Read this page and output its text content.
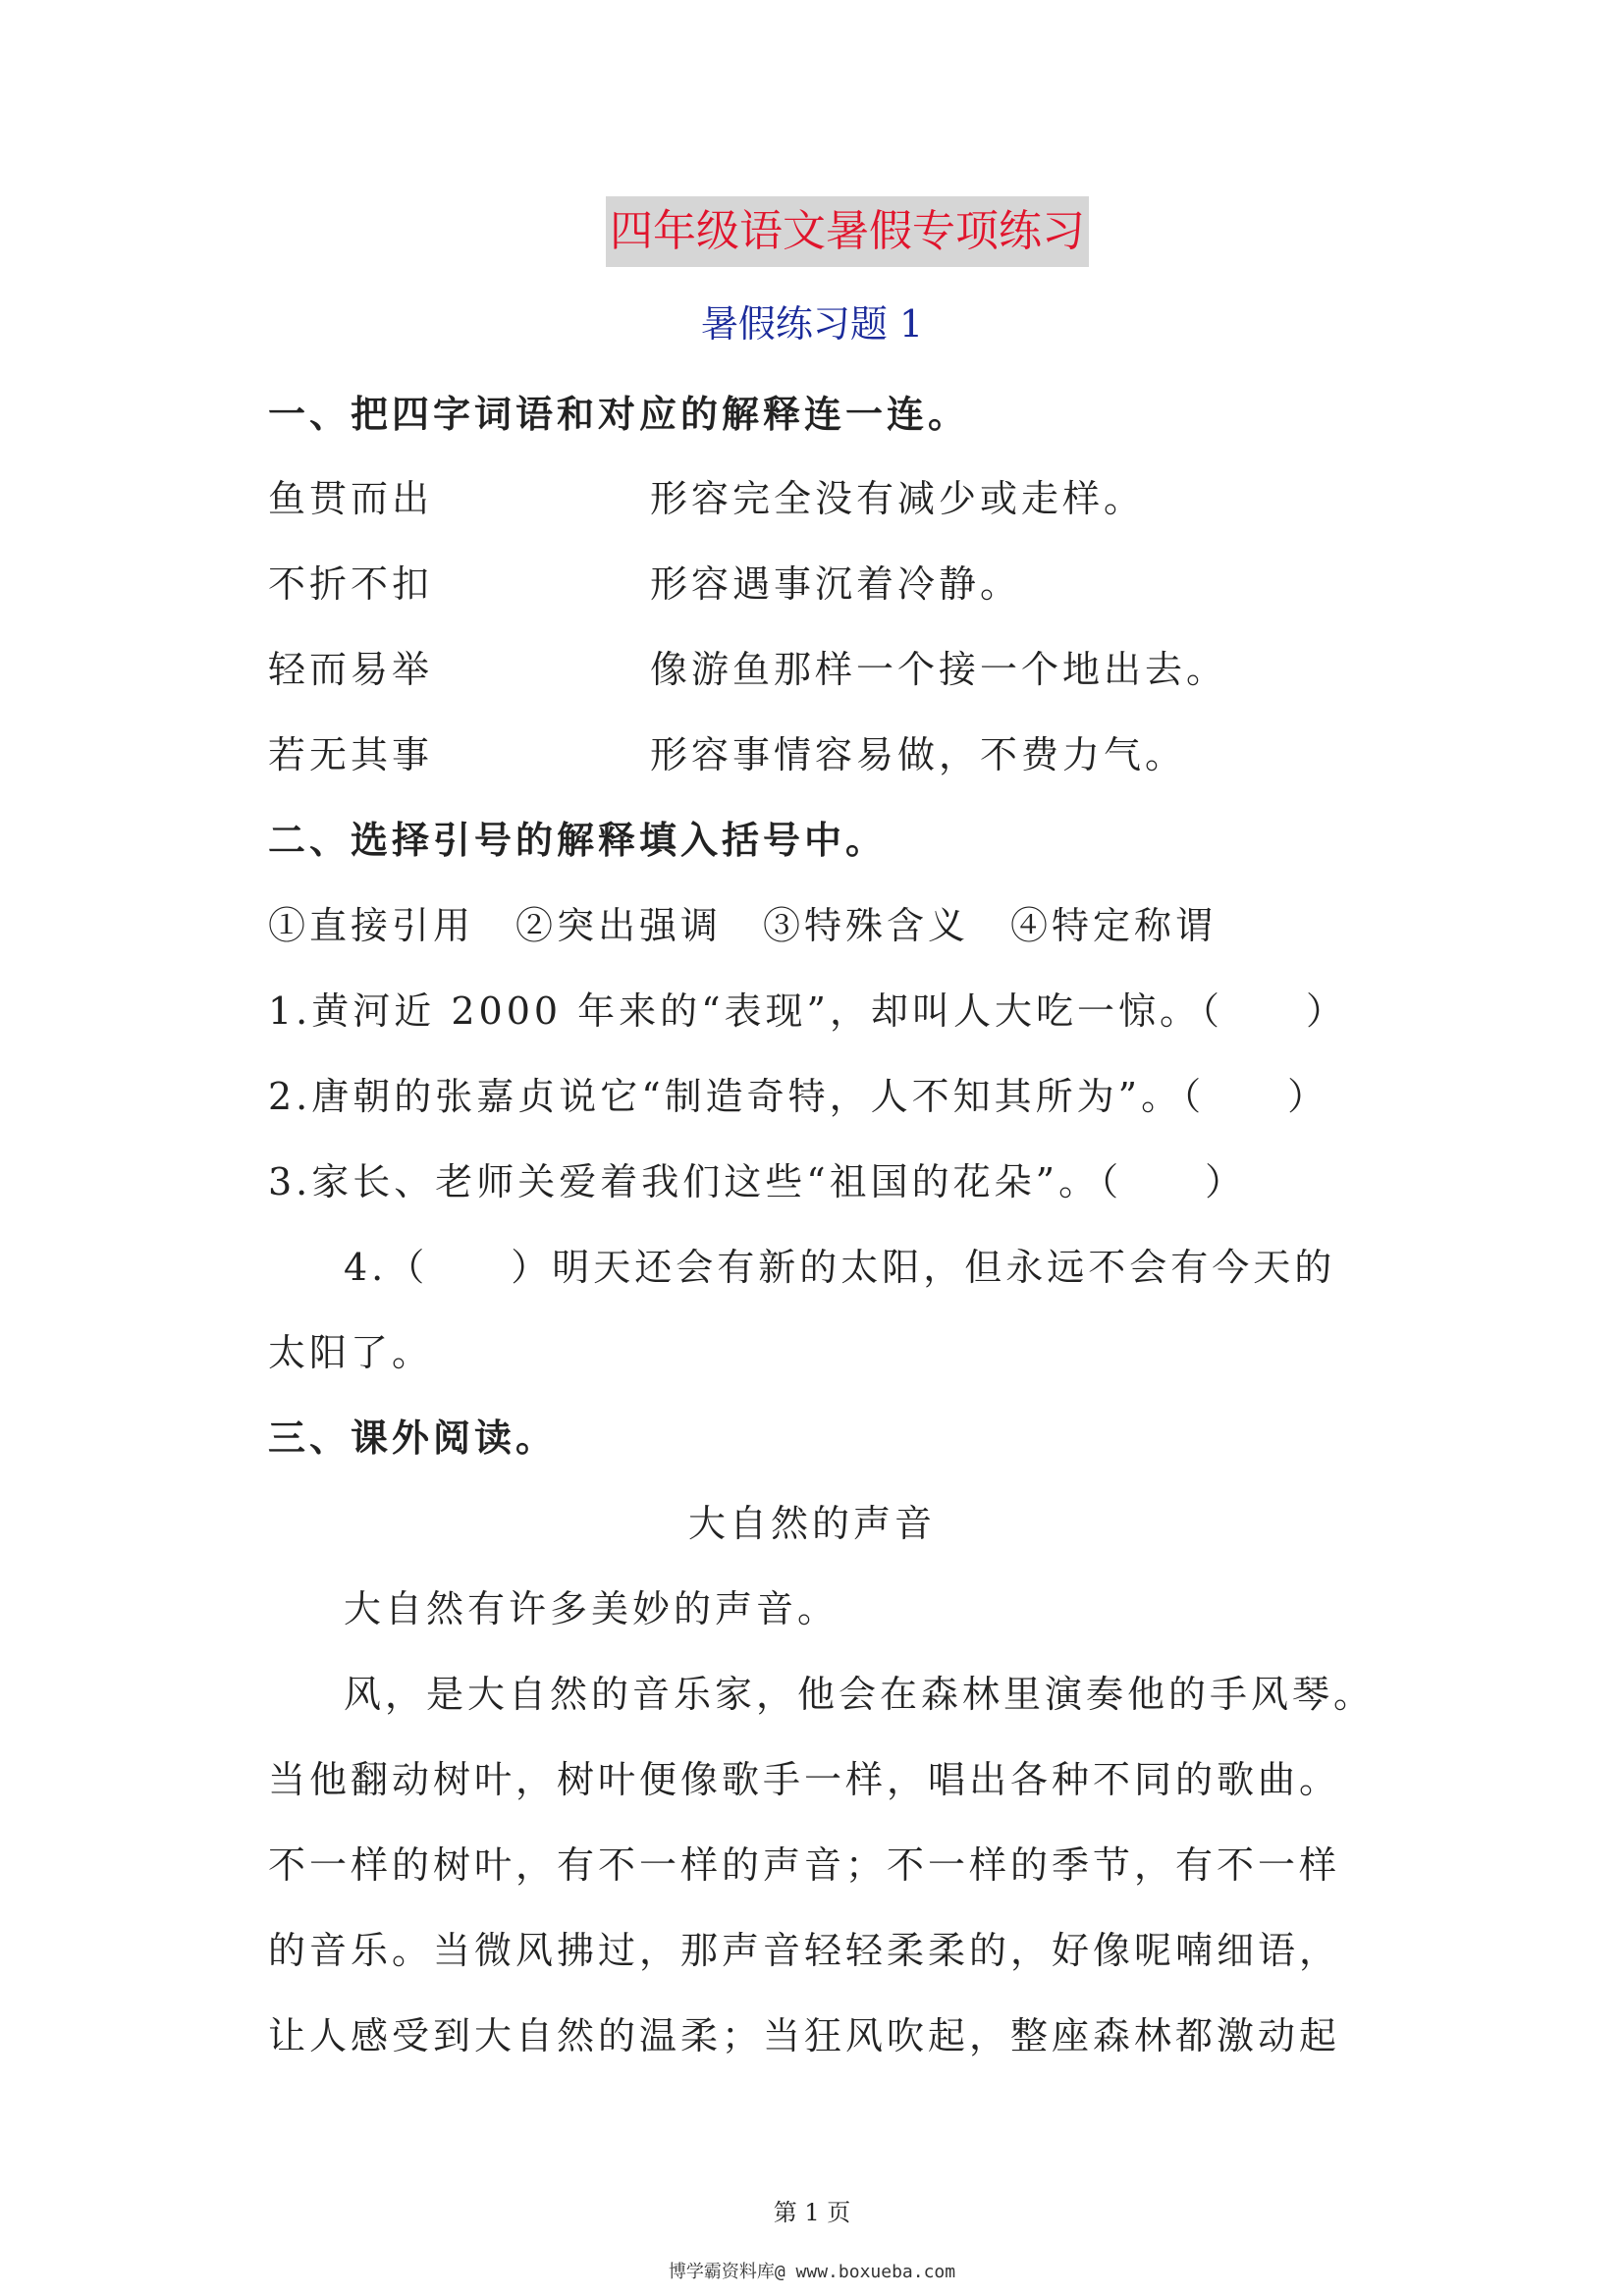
四年级语文暑假专项练习
暑假练习题 1
一、把四字词语和对应的解释连一连。
鱼贯而出	形容完全没有减少或走样。
不折不扣	形容遇事沉着冷静。
轻而易举	像游鱼那样一个接一个地出去。
若无其事	形容事情容易做，不费力气。
二、选择引号的解释填入括号中。
①直接引用　②突出强调　③特殊含义　④特定称谓
1.黄河近 2000 年来的“表现”，却叫人大吃一惊。（　　）
2.唐朝的张嘉贞说它“制造奇特，人不知其所为”。（　　）
3.家长、老师关爱着我们这些“祖国的花朵”。（　　）
4.（　　）明天还会有新的太阳，但永远不会有今天的
太阳了。
三、课外阅读。
大自然的声音
大自然有许多美妙的声音。
风，是大自然的音乐家，他会在森林里演奏他的手风琴。
当他翻动树叶，树叶便像歌手一样，唱出各种不同的歌曲。
不一样的树叶，有不一样的声音；不一样的季节，有不一样
的音乐。当微风拂过，那声音轻轻柔柔的，好像呢喃细语，
让人感受到大自然的温柔；当狂风吹起，整座森林都激动起
第 1 页
博学霸资料库@ www.boxueba.com
